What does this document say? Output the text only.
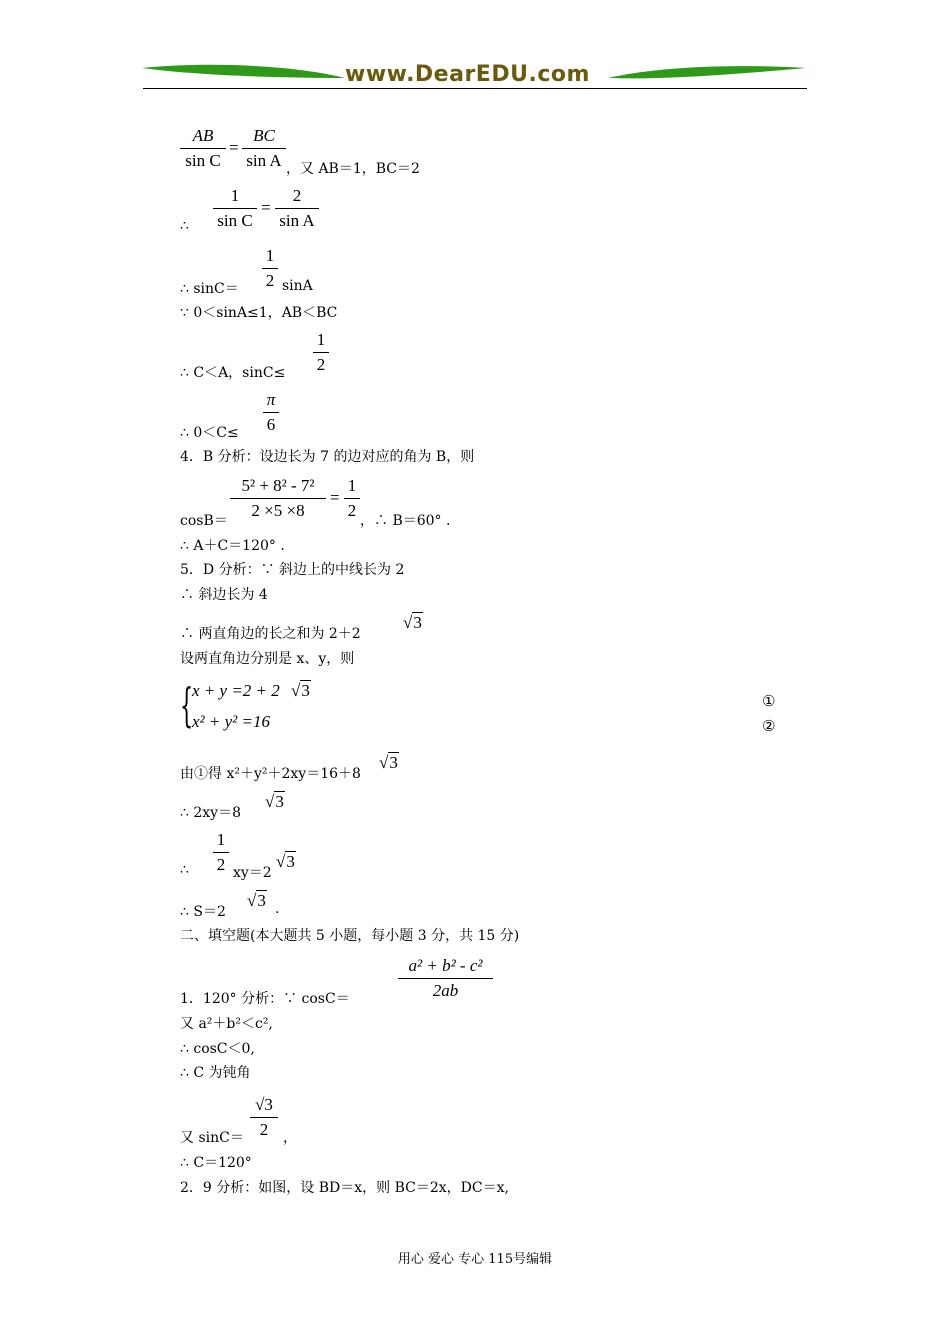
www.DearEDU.com
AB
sin C
=
BC
sin A ，又 AB＝1，BC＝2
∴
1
sin C
=
2
sin A
∴ sinC＝
1
2 sinA
∵ 0＜sinA≤1，AB＜BC
∴ C＜A，sinC≤
1
2
∴ 0＜C≤
π
6
4．B 分析：设边长为 7 的边对应的角为 B，则
5² + 8² - 7²
2 ×5 ×8
=
1
2
cosB＝	，∴ B＝60° .
∴ A＋C＝120° .
5．D 分析：∵ 斜边上的中线长为 2
∴ 斜边长为 4
∴ 两直角边的长之和为 2＋2
√3
设两直角边分别是 x、y，则
{
x + y =2 + 2 √3
x² + y² =16
①
②
由①得 x²＋y²＋2xy＝16＋8
√3
∴ 2xy＝8
√3
∴
1
2 xy＝2
√3
∴ S＝2
√3 .
二、填空题(本大题共 5 小题，每小题 3 分，共 15 分)
a² + b² - c²
2ab
1．120° 分析：∵ cosC＝
又 a²＋b²＜c²,
∴ cosC＜0,
∴ C 为钝角
又 sinC＝
√3
2	，
∴ C＝120°
2．9 分析：如图，设 BD＝x，则 BC＝2x，DC＝x,
用心 爱心 专心 115号编辑
